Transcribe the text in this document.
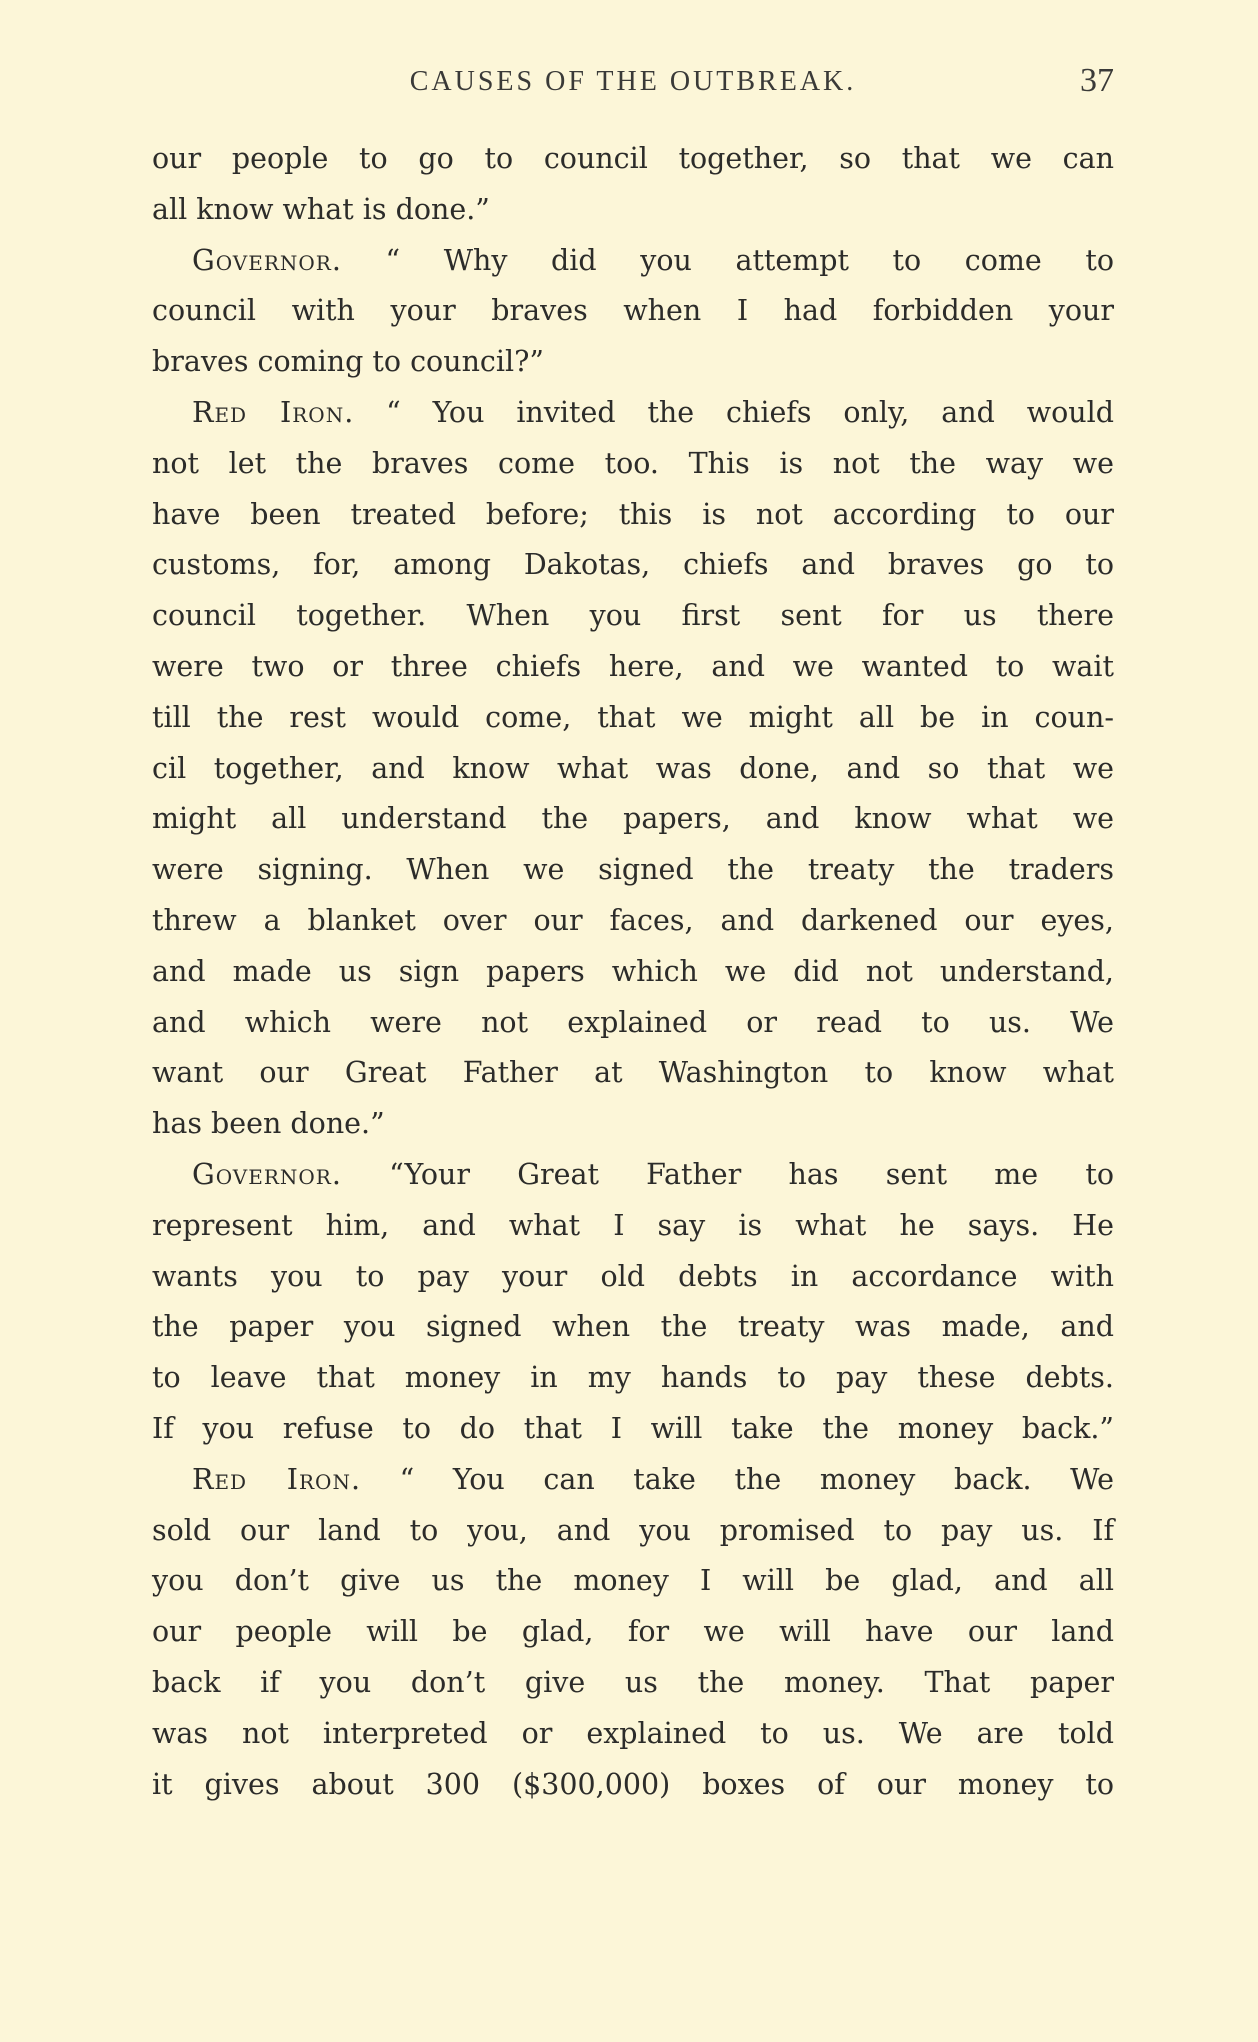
CAUSES OF THE OUTBREAK.	37
our people to go to council together, so that we can
all know what is done.”
Governor. “ Why did you attempt to come to
council with your braves when I had forbidden your
braves coming to council?”
Red Iron. “ You invited the chiefs only, and would
not let the braves come too. This is not the way we
have been treated before; this is not according to our
customs, for, among Dakotas, chiefs and braves go to
council together. When you first sent for us there
were two or three chiefs here, and we wanted to wait
till the rest would come, that we might all be in coun-
cil together, and know what was done, and so that we
might all understand the papers, and know what we
were signing. When we signed the treaty the traders
threw a blanket over our faces, and darkened our eyes,
and made us sign papers which we did not understand,
and which were not explained or read to us. We
want our Great Father at Washington to know what
has been done.”
Governor. “Your Great Father has sent me to
represent him, and what I say is what he says. He
wants you to pay your old debts in accordance with
the paper you signed when the treaty was made, and
to leave that money in my hands to pay these debts.
If you refuse to do that I will take the money back.”
Red Iron. “ You can take the money back. We
sold our land to you, and you promised to pay us. If
you don’t give us the money I will be glad, and all
our people will be glad, for we will have our land
back if you don’t give us the money. That paper
was not interpreted or explained to us. We are told
it gives about 300 ($300,000) boxes of our money to
